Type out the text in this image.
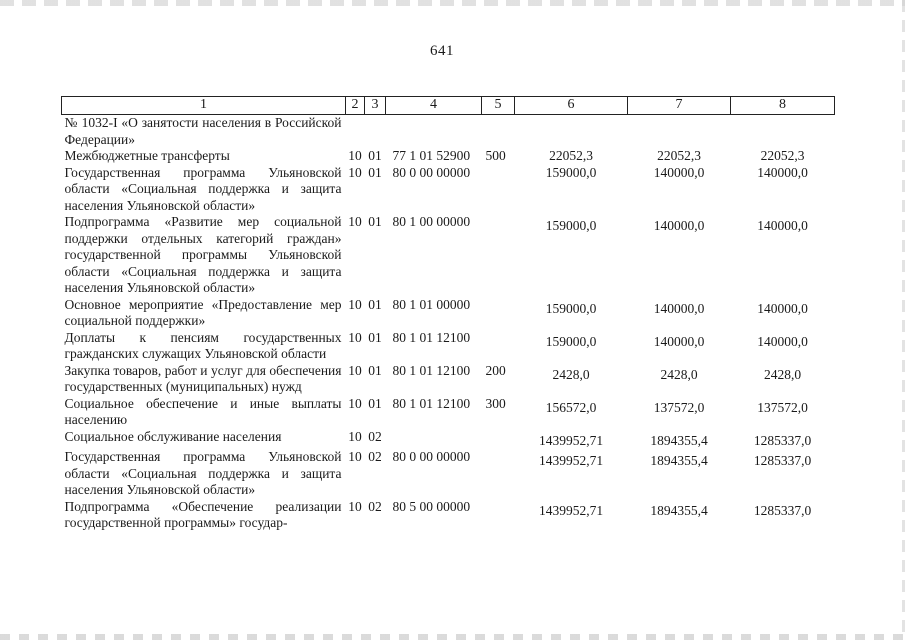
641
1	2	3	4	5	6	7	8
№ 1032-I «О занятости населения в Российской Федерации»							
Межбюджетные трансферты	10	01	77 1 01 52900	500	22052,3	22052,3	22052,3
Государственная программа Ульяновской области «Социальная поддержка и защита населения Ульяновской области»	10	01	80 0 00 00000		159000,0	140000,0	140000,0
Подпрограмма «Развитие мер социальной поддержки отдельных категорий граждан» государственной программы Ульяновской области «Социальная поддержка и защита населения Ульяновской области»	10	01	80 1 00 00000		159000,0	140000,0	140000,0
Основное мероприятие «Предоставление мер социальной поддержки»	10	01	80 1 01 00000		159000,0	140000,0	140000,0
Доплаты к пенсиям государственных гражданских служащих Ульяновской области	10	01	80 1 01 12100		159000,0	140000,0	140000,0
Закупка товаров, работ и услуг для обеспечения государственных (муниципальных) нужд	10	01	80 1 01 12100	200	2428,0	2428,0	2428,0
Социальное обеспечение и иные выплаты населению	10	01	80 1 01 12100	300	156572,0	137572,0	137572,0
Социальное обслуживание населения	10	02			1439952,71	1894355,4	1285337,0
Государственная программа Ульяновской области «Социальная поддержка и защита населения Ульяновской области»	10	02	80 0 00 00000		1439952,71	1894355,4	1285337,0
Подпрограмма «Обеспечение реализации государственной программы» государ-	10	02	80 5 00 00000		1439952,71	1894355,4	1285337,0
